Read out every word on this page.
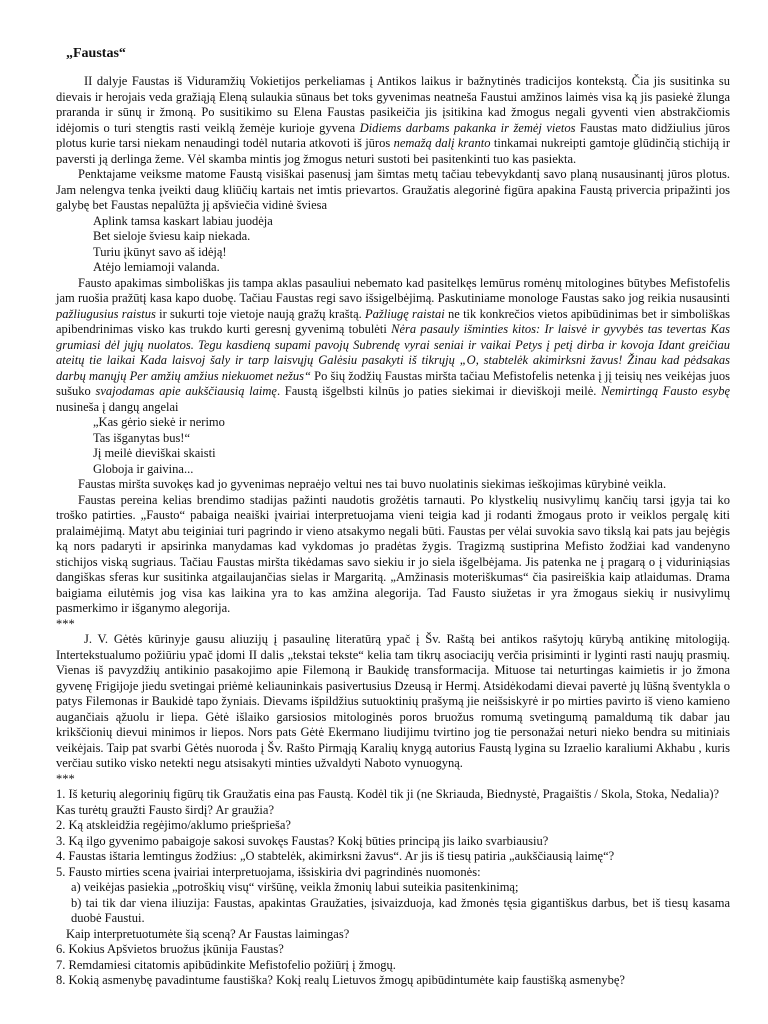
„Faustas“

II dalyje Faustas iš Viduramžių Vokietijos perkeliamas į Antikos laikus ir bažnytinės tradicijos kontekstą. Čia jis susitinka su dievais ir herojais veda gražiąją Eleną sulaukia sūnaus bet toks gyvenimas neatneša Faustui amžinos laimės visa ką jis pasiekė žlunga praranda ir sūnų ir žmoną. Po susitikimo su Elena Faustas pasikeičia jis įsitikina kad žmogus negali gyventi vien abstrakčiomis idėjomis o turi stengtis rasti veiklą žemėje kurioje gyvena Didiems darbams pakanka ir žemėj vietos Faustas mato didžiulius jūros plotus kurie tarsi niekam nenaudingi todėl nutaria atkovoti iš jūros nemažą dalį kranto tinkamai nukreipti gamtoje glūdinčią stichiją ir paversti ją derlinga žeme. Vėl skamba mintis jog žmogus neturi sustoti bei pasitenkinti tuo kas pasiekta.

Penktajame veiksme matome Faustą visiškai pasenusį jam šimtas metų tačiau tebevykdantį savo planą nusausinantį jūros plotus. Jam nelengva tenka įveikti daug kliūčių kartais net imtis prievartos. Graužatis alegorinė figūra apakina Faustą privercia pripažinti jos galybę bet Faustas nepalūžta jį apšviečia vidinė šviesa

Aplink tamsa kaskart labiau juodėja
Bet sieloje šviesu kaip niekada.
Turiu įkūnyt savo aš idėją!
Atėjo lemiamoji valanda.

Fausto apakimas simboliškas jis tampa aklas pasauliui nebemato kad pasitelkęs lemūrus romėnų mitologines būtybes Mefistofelis jam ruošia pražūtį kasa kapo duobę. Tačiau Faustas regi savo išsigelbėjimą. Paskutiniame monologe Faustas sako jog reikia nusausinti pažliugusius raistus ir sukurti toje vietoje naują gražų kraštą. Pažliugę raistai ne tik konkrečios vietos apibūdinimas bet ir simboliškas apibendrinimas visko kas trukdo kurti geresnį gyvenimą tobulėti Nėra pasauly išminties kitos: Ir laisvė ir gyvybės tas tevertas Kas grumiasi dėl jųjų nuolatos. Tegu kasdieną supami pavojų Subrendę vyrai seniai ir vaikai Petys į petį dirba ir kovoja Idant greičiau ateitų tie laikai Kada laisvoj šaly ir tarp laisvųjų Galėsiu pasakyti iš tikrųjų „O, stabtelėk akimirksni žavus! Žinau kad pėdsakas darbų manųjų Per amžių amžius niekuomet nežus“ Po šių žodžių Faustas miršta tačiau Mefistofelis netenka į jį teisių nes veikėjas juos sušuko svajodamas apie aukščiausią laimę. Faustą išgelbsti kilnūs jo paties siekimai ir dieviškoji meilė. Nemirtingą Fausto esybę nusineša į dangų angelai

„Kas gėrio siekė ir nerimo
Tas išganytas bus!“
Jį meilė dieviškai skaisti
Globoja ir gaivina...

Faustas miršta suvokęs kad jo gyvenimas nepraėjo veltui nes tai buvo nuolatinis siekimas ieškojimas kūrybinė veikla.

Faustas pereina kelias brendimo stadijas pažinti naudotis grožėtis tarnauti. Po klystkelių nusivylimų kančių tarsi įgyja tai ko troško patirties. „Fausto“ pabaiga neaiški įvairiai interpretuojama vieni teigia kad ji rodanti žmogaus proto ir veiklos pergalę kiti pralaimėjimą. Matyt abu teiginiai turi pagrindo ir vieno atsakymo negali būti. Faustas per vėlai suvokia savo tikslą kai pats jau bejėgis ką nors padaryti ir apsirinka manydamas kad vykdomas jo pradėtas žygis. Tragizmą sustiprina Mefisto žodžiai kad vandenyno stichijos viską sugriaus. Tačiau Faustas miršta tikėdamas savo siekiu ir jo siela išgelbėjama. Jis patenka ne į pragarą o į viduriniąsias dangiškas sferas kur susitinka atgailaujančias sielas ir Margaritą. „Amžinasis moteriškumas“ čia pasireiškia kaip atlaidumas. Drama baigiama eilutėmis jog visa kas laikina yra to kas amžina alegorija. Tad Fausto siužetas ir yra žmogaus siekių ir nusivylimų pasmerkimo ir išganymo alegorija.

***

J. V. Gėtės kūrinyje gausu aliuzijų į pasaulinę literatūrą ypač į Šv. Raštą bei antikos rašytojų kūrybą antikinę mitologiją. Intertekstualumo požiūriu ypač įdomi II dalis „tekstai tekste“ kelia tam tikrų asociacijų verčia prisiminti ir lyginti rasti naujų prasmių. Vienas iš pavyzdžių antikinio pasakojimo apie Filemoną ir Baukidę transformacija. Mituose tai neturtingas kaimietis ir jo žmona gyvenę Frigijoje jiedu svetingai priėmė keliauninkais pasivertusius Dzeusą ir Hermį. Atsidėkodami dievai pavertė jų lūšną šventykla o patys Filemonas ir Baukidė tapo žyniais. Dievams išpildžius sutuoktinių prašymą jie neišsiskyrė ir po mirties pavirto iš vieno kamieno augančiais ąžuolu ir liepa. Gėtė išlaiko garsiosios mitologinės poros bruožus romumą svetingumą pamaldumą tik dabar jau krikščionių dievui minimos ir liepos. Nors pats Gėtė Ekermano liudijimu tvirtino jog tie personažai neturi nieko bendra su mitiniais veikėjais. Taip pat svarbi Gėtės nuoroda į Šv. Rašto Pirmąją Karalių knygą autorius Faustą lygina su Izraelio karaliumi Akhabu , kuris verčiau sutiko visko netekti negu atsisakyti minties užvaldyti Naboto vynuogyną.

***
1. Iš keturių alegorinių figūrų tik Graužatis eina pas Faustą. Kodėl tik ji (ne Skriauda, Biednystė, Pragaištis / Skola, Stoka, Nedalia)? Kas turėtų graužti Fausto širdį? Ar graužia?
2. Ką atskleidžia regėjimo/aklumo priešprieša?
3. Ką ilgo gyvenimo pabaigoje sakosi suvokęs Faustas? Kokį būties principą jis laiko svarbiausiu?
4. Faustas ištaria lemtingus žodžius: „O stabtelėk, akimirksni žavus“. Ar jis iš tiesų patiria „aukščiausią laimę“?
5. Fausto mirties scena įvairiai interpretuojama, išsiskiria dvi pagrindinės nuomonės:
a) veikėjas pasiekia „potroškių visų“ viršūnę, veikla žmonių labui suteikia pasitenkinimą;
b) tai tik dar viena iliuzija: Faustas, apakintas Graužaties, įsivaizduoja, kad žmonės tęsia gigantiškus darbus, bet iš tiesų kasama duobė Faustui.
Kaip interpretuotumėte šią sceną? Ar Faustas laimingas?
6. Kokius Apšvietos bruožus įkūnija Faustas?
7. Remdamiesi citatomis apibūdinkite Mefistofelio požiūrį į žmogų.
8. Kokią asmenybę pavadintume faustiška? Kokį realų Lietuvos žmogų apibūdintumėte kaip faustišką asmenybę?
